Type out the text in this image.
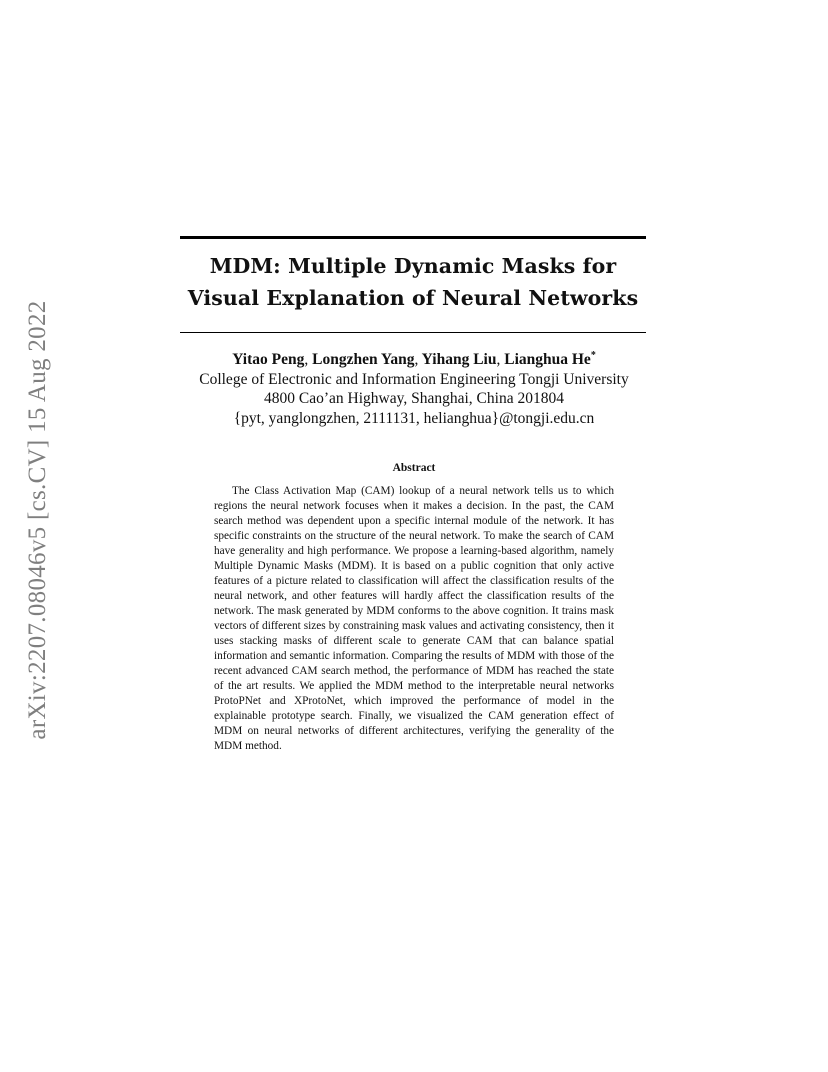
arXiv:2207.08046v5 [cs.CV] 15 Aug 2022
MDM: Multiple Dynamic Masks for
Visual Explanation of Neural Networks
Yitao Peng, Longzhen Yang, Yihang Liu, Lianghua He*
College of Electronic and Information Engineering Tongji University
4800 Cao’an Highway, Shanghai, China 201804
{pyt, yanglongzhen, 2111131, helianghua}@tongji.edu.cn
Abstract

The Class Activation Map (CAM) lookup of a neural network tells us to which regions the neural network focuses when it makes a decision. In the past, the CAM search method was dependent upon a specific internal module of the network. It has specific constraints on the structure of the neural network. To make the search of CAM have generality and high performance. We propose a learning-based algorithm, namely Multiple Dynamic Masks (MDM). It is based on a public cognition that only active features of a picture related to classification will affect the classification results of the neural network, and other features will hardly affect the classification results of the network. The mask generated by MDM conforms to the above cognition. It trains mask vectors of different sizes by constraining mask values and activating consistency, then it uses stacking masks of different scale to generate CAM that can balance spatial information and semantic information. Comparing the results of MDM with those of the recent advanced CAM search method, the performance of MDM has reached the state of the art results. We applied the MDM method to the interpretable neural networks ProtoPNet and XProtoNet, which improved the performance of model in the explainable prototype search. Finally, we visualized the CAM generation effect of MDM on neural networks of different architectures, verifying the generality of the MDM method.
